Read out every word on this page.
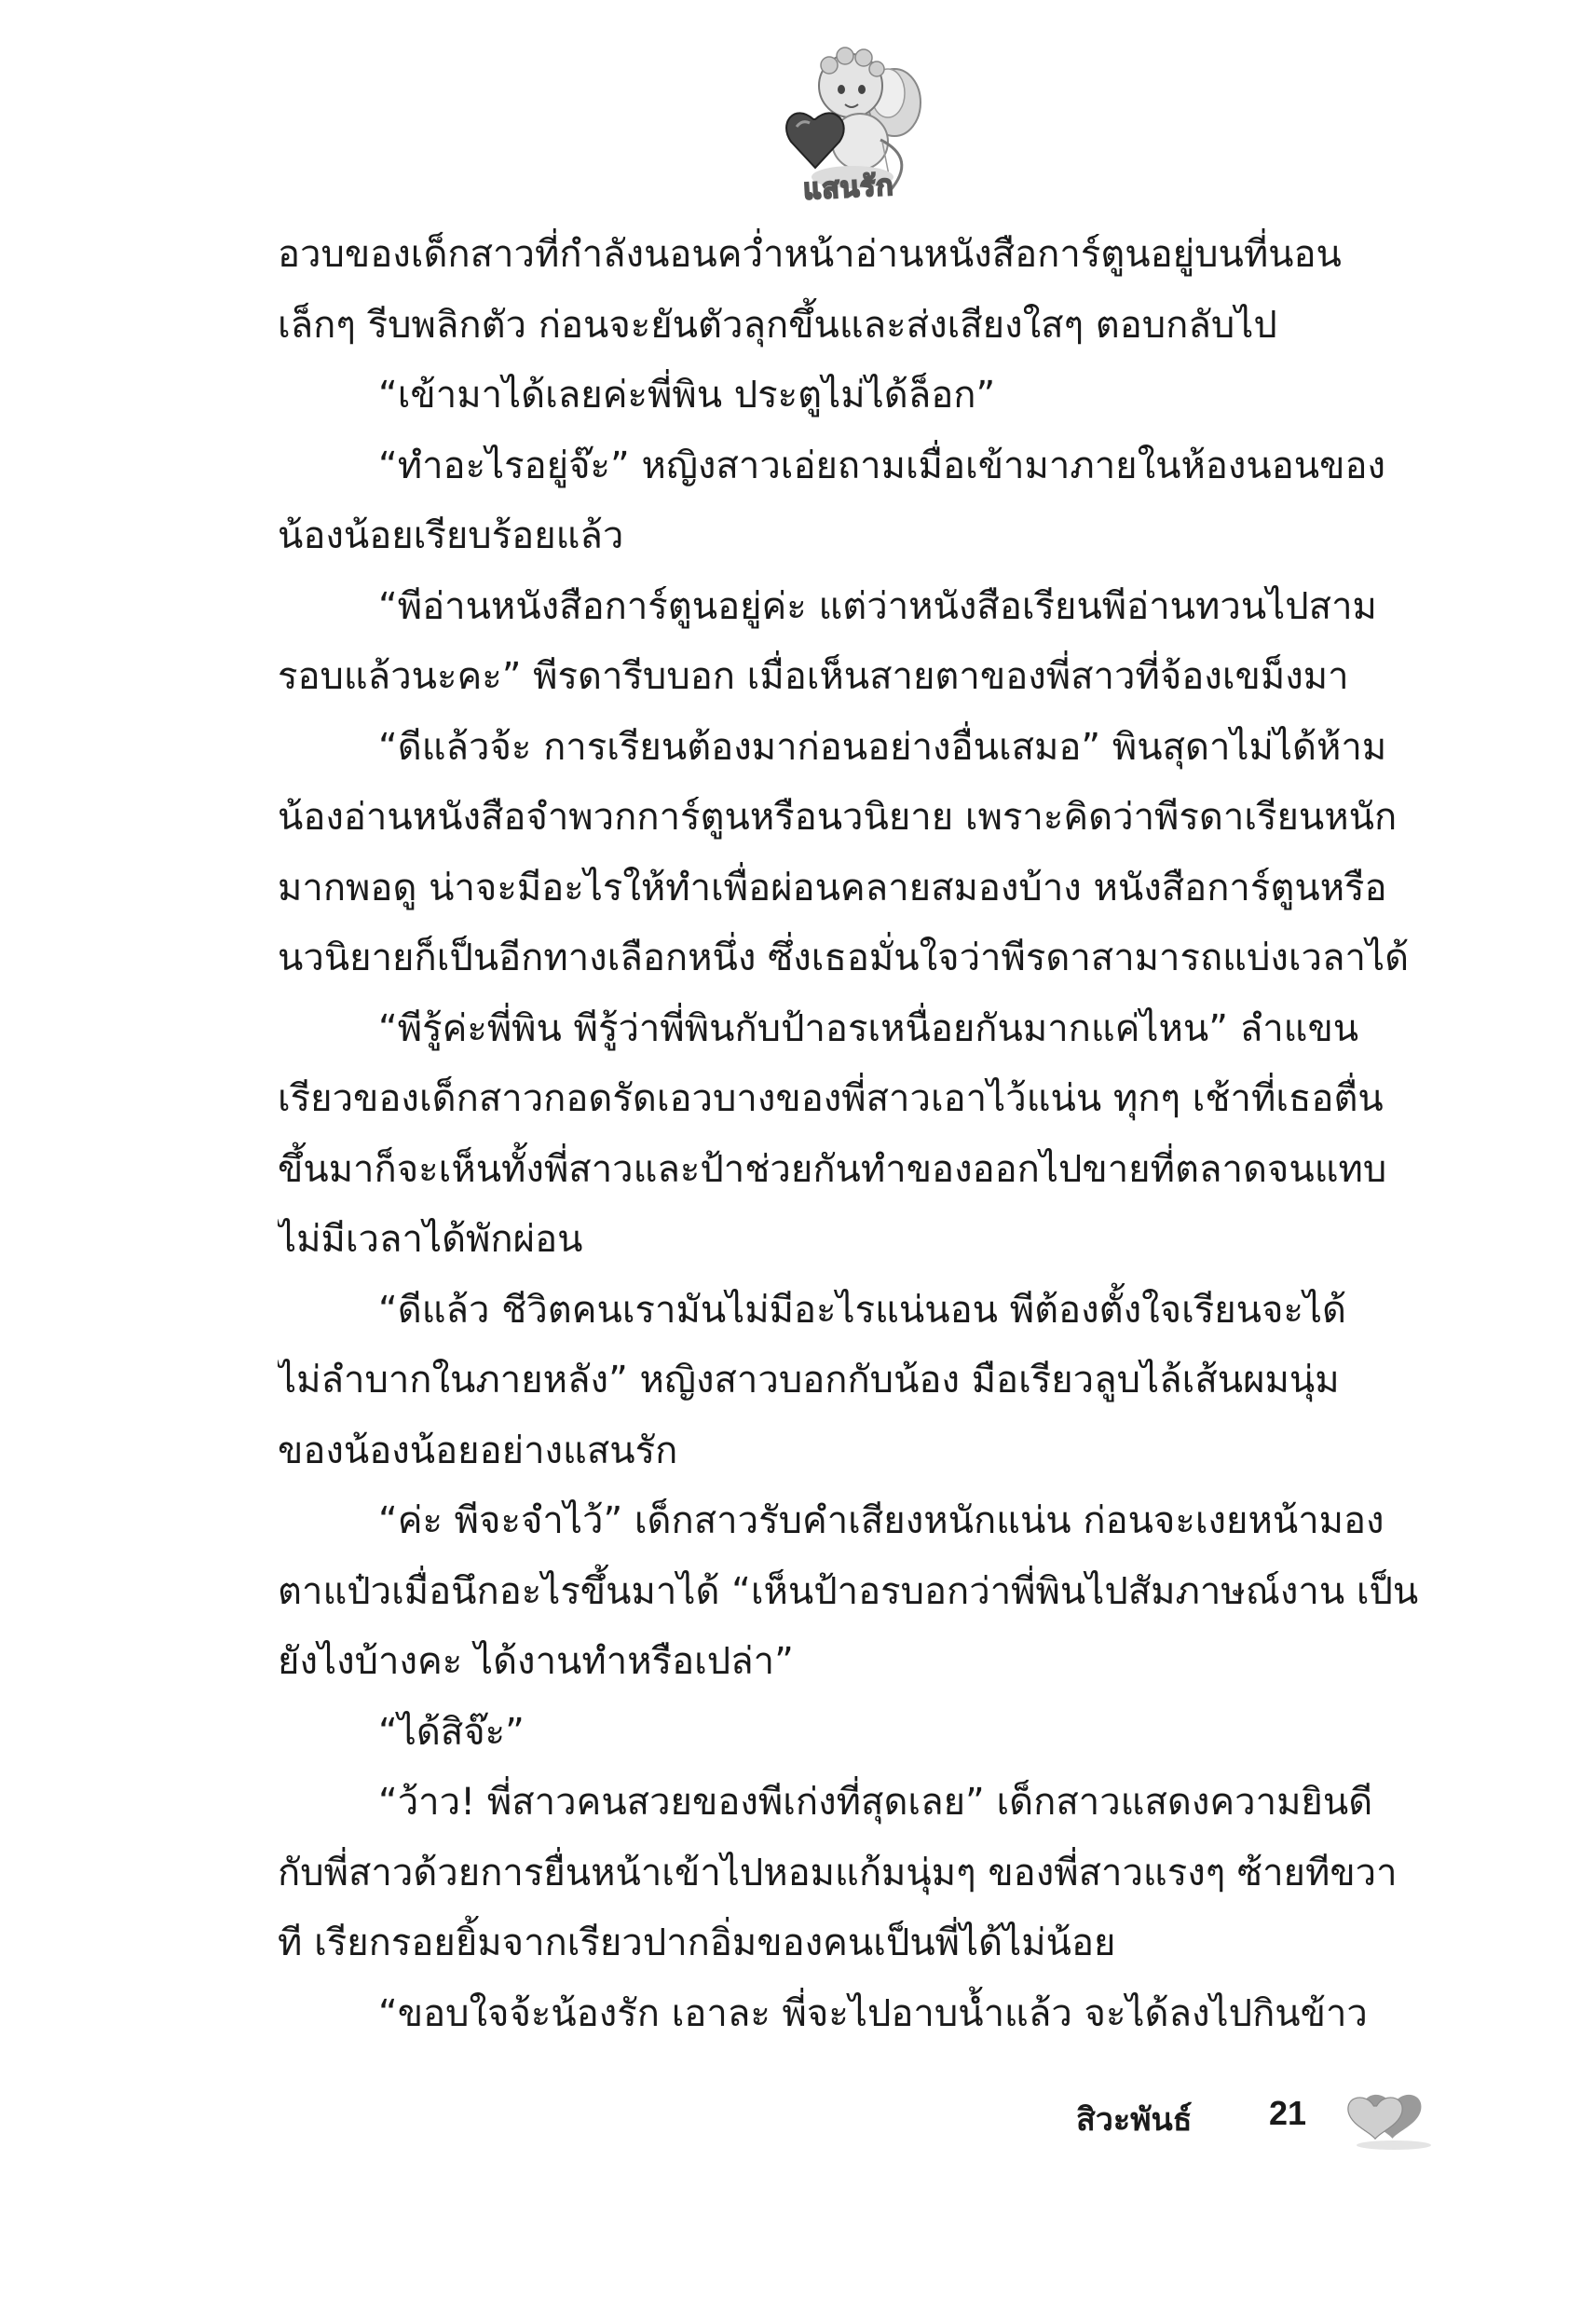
แสนรัก
อวบของเด็กสาวที่กำลังนอนคว่ำหน้าอ่านหนังสือการ์ตูนอยู่บนที่นอน
เล็กๆ รีบพลิกตัว ก่อนจะยันตัวลุกขึ้นและส่งเสียงใสๆ ตอบกลับไป
“เข้ามาได้เลยค่ะพี่พิน ประตูไม่ได้ล็อก”
“ทำอะไรอยู่จ๊ะ” หญิงสาวเอ่ยถามเมื่อเข้ามาภายในห้องนอนของ
น้องน้อยเรียบร้อยแล้ว
“พีอ่านหนังสือการ์ตูนอยู่ค่ะ แต่ว่าหนังสือเรียนพีอ่านทวนไปสาม
รอบแล้วนะคะ” พีรดารีบบอก เมื่อเห็นสายตาของพี่สาวที่จ้องเขม็งมา
“ดีแล้วจ้ะ การเรียนต้องมาก่อนอย่างอื่นเสมอ” พินสุดาไม่ได้ห้าม
น้องอ่านหนังสือจำพวกการ์ตูนหรือนวนิยาย เพราะคิดว่าพีรดาเรียนหนัก
มากพอดู น่าจะมีอะไรให้ทำเพื่อผ่อนคลายสมองบ้าง หนังสือการ์ตูนหรือ
นวนิยายก็เป็นอีกทางเลือกหนึ่ง ซึ่งเธอมั่นใจว่าพีรดาสามารถแบ่งเวลาได้
“พีรู้ค่ะพี่พิน พีรู้ว่าพี่พินกับป้าอรเหนื่อยกันมากแค่ไหน” ลำแขน
เรียวของเด็กสาวกอดรัดเอวบางของพี่สาวเอาไว้แน่น ทุกๆ เช้าที่เธอตื่น
ขึ้นมาก็จะเห็นทั้งพี่สาวและป้าช่วยกันทำของออกไปขายที่ตลาดจนแทบ
ไม่มีเวลาได้พักผ่อน
“ดีแล้ว ชีวิตคนเรามันไม่มีอะไรแน่นอน พีต้องตั้งใจเรียนจะได้
ไม่ลำบากในภายหลัง” หญิงสาวบอกกับน้อง มือเรียวลูบไล้เส้นผมนุ่ม
ของน้องน้อยอย่างแสนรัก
“ค่ะ พีจะจำไว้” เด็กสาวรับคำเสียงหนักแน่น ก่อนจะเงยหน้ามอง
ตาแป๋วเมื่อนึกอะไรขึ้นมาได้ “เห็นป้าอรบอกว่าพี่พินไปสัมภาษณ์งาน เป็น
ยังไงบ้างคะ ได้งานทำหรือเปล่า”
“ได้สิจ๊ะ”
“ว้าว! พี่สาวคนสวยของพีเก่งที่สุดเลย” เด็กสาวแสดงความยินดี
กับพี่สาวด้วยการยื่นหน้าเข้าไปหอมแก้มนุ่มๆ ของพี่สาวแรงๆ ซ้ายทีขวา
ที เรียกรอยยิ้มจากเรียวปากอิ่มของคนเป็นพี่ได้ไม่น้อย
“ขอบใจจ้ะน้องรัก เอาละ พี่จะไปอาบน้ำแล้ว จะได้ลงไปกินข้าว
สิวะพันธ์ 21
